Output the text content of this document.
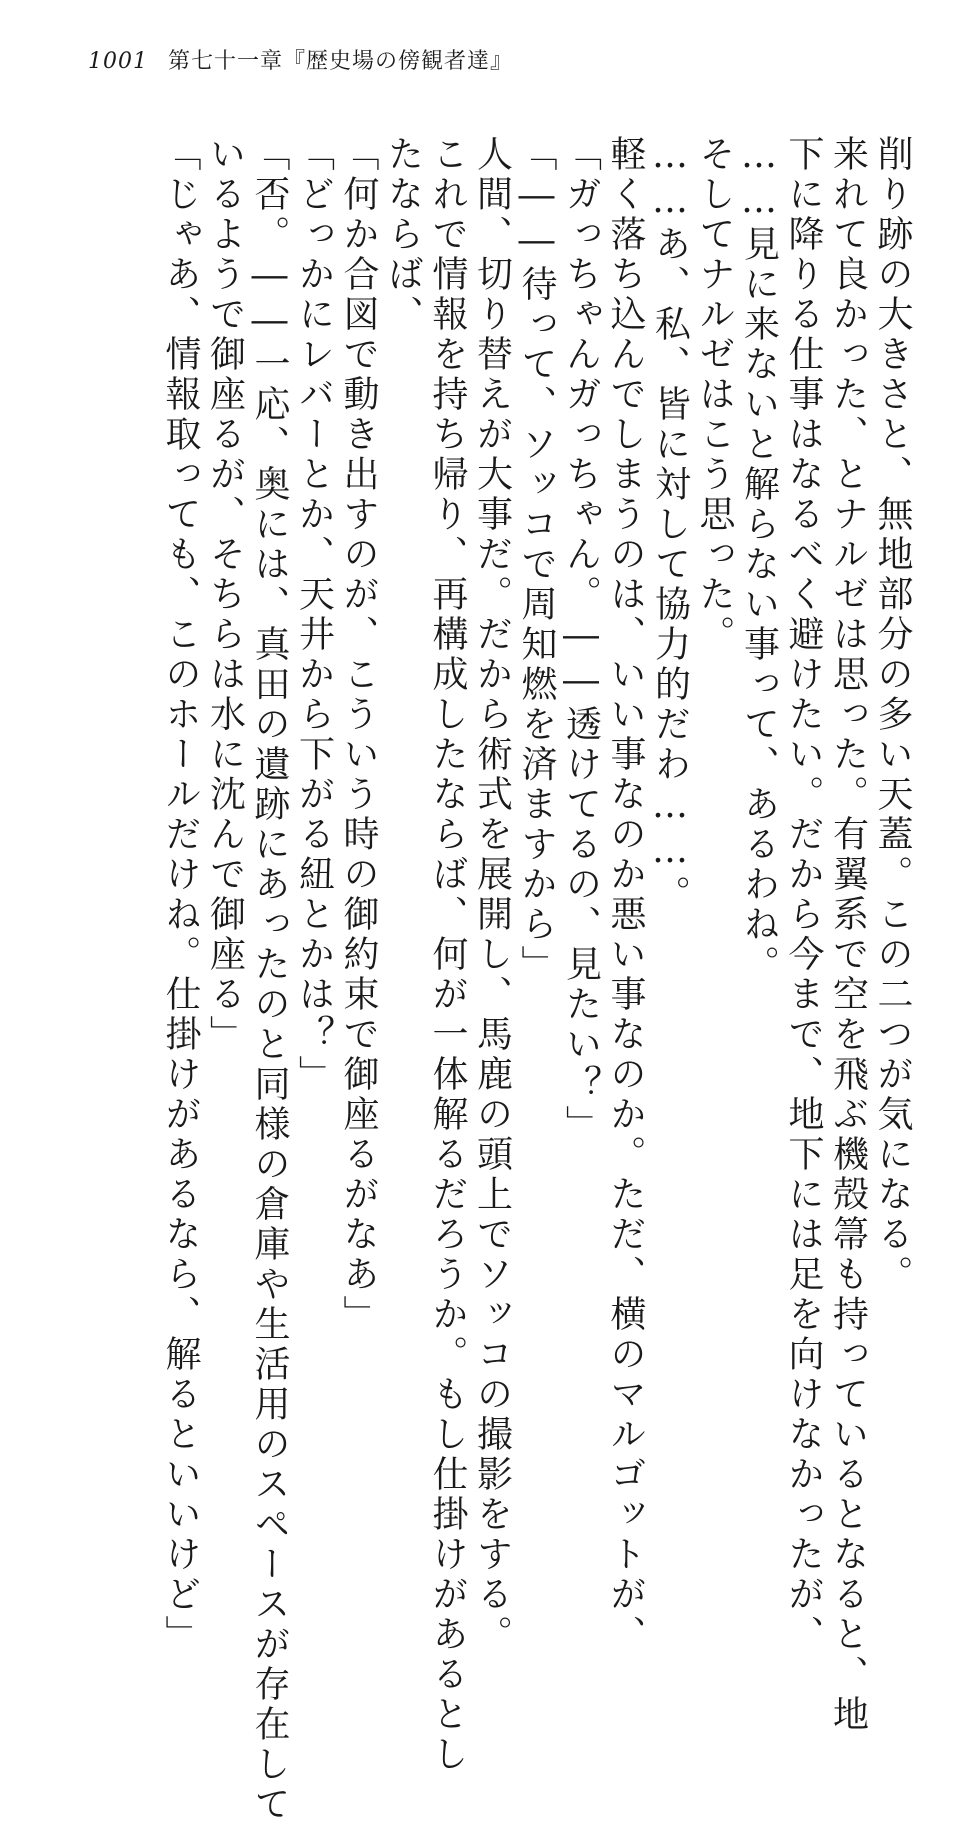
1001 第七十一章『歴史場の傍観者達』
削り跡の大きさと、無地部分の多い天蓋。この二つが気になる。
来れて良かった、とナルゼは思った。有翼系で空を飛ぶ機殻箒も持っているとなると、地
下に降りる仕事はなるべく避けたい。だから今まで、地下には足を向けなかったが、
……見に来ないと解らない事って、あるわね。
そしてナルゼはこう思った。
……あ、私、皆に対して協力的だわ……。
軽く落ち込んでしまうのは、いい事なのか悪い事なのか。ただ、横のマルゴットが、
「ガっちゃんガっちゃん。――透けてるの、見たい？」
「――待って、ソッコで周知燃を済ますから」
人間、切り替えが大事だ。だから術式を展開し、馬鹿の頭上でソッコの撮影をする。
これで情報を持ち帰り、再構成したならば、何が一体解るだろうか。もし仕掛けがあるとし
たならば、
「何か合図で動き出すのが、こういう時の御約束で御座るがなあ」
「どっかにレバーとか、天井から下がる紐とかは？」
「否。――一応、奥には、真田の遺跡にあったのと同様の倉庫や生活用のスペースが存在して
いるようで御座るが、そちらは水に沈んで御座る」
「じゃあ、情報取っても、このホールだけね。仕掛けがあるなら、解るといいけど」
